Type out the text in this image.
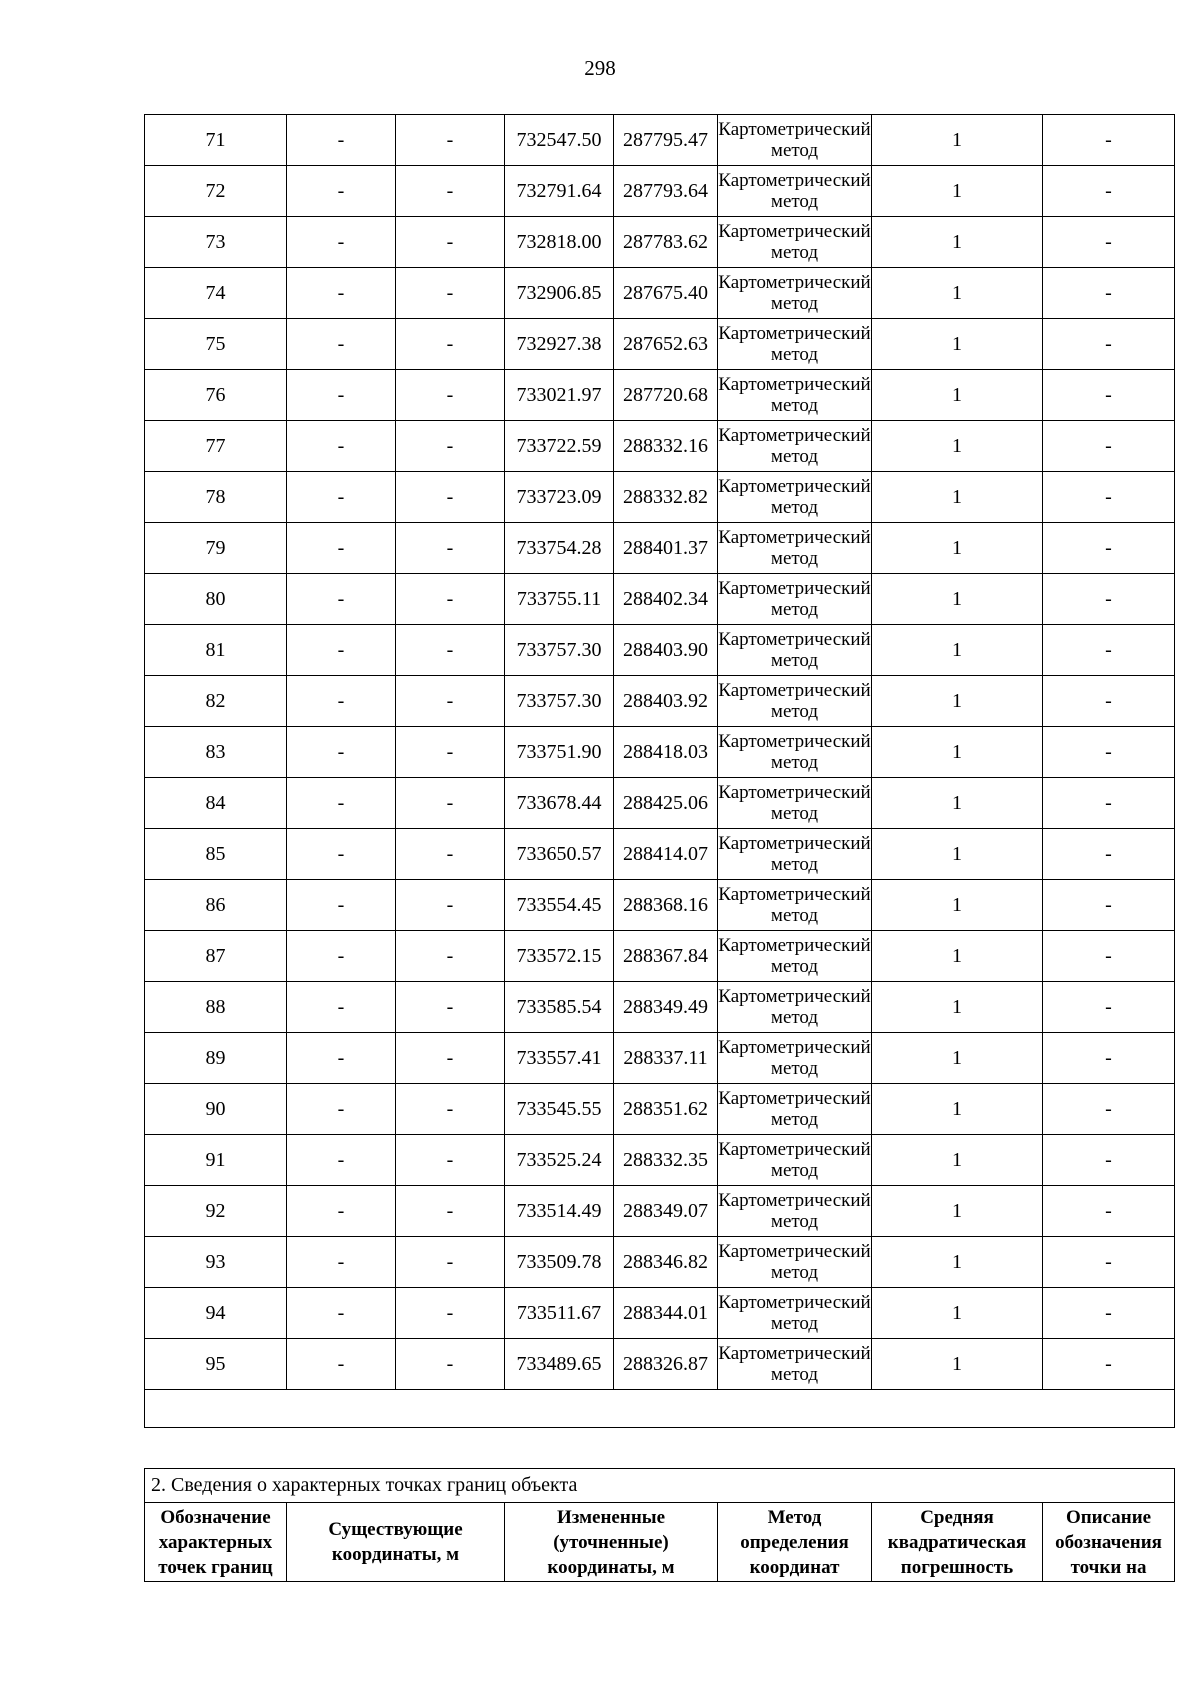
298
71	-	-	732547.50	287795.47	Картометрический метод	1	-
72	-	-	732791.64	287793.64	Картометрический метод	1	-
73	-	-	732818.00	287783.62	Картометрический метод	1	-
74	-	-	732906.85	287675.40	Картометрический метод	1	-
75	-	-	732927.38	287652.63	Картометрический метод	1	-
76	-	-	733021.97	287720.68	Картометрический метод	1	-
77	-	-	733722.59	288332.16	Картометрический метод	1	-
78	-	-	733723.09	288332.82	Картометрический метод	1	-
79	-	-	733754.28	288401.37	Картометрический метод	1	-
80	-	-	733755.11	288402.34	Картометрический метод	1	-
81	-	-	733757.30	288403.90	Картометрический метод	1	-
82	-	-	733757.30	288403.92	Картометрический метод	1	-
83	-	-	733751.90	288418.03	Картометрический метод	1	-
84	-	-	733678.44	288425.06	Картометрический метод	1	-
85	-	-	733650.57	288414.07	Картометрический метод	1	-
86	-	-	733554.45	288368.16	Картометрический метод	1	-
87	-	-	733572.15	288367.84	Картометрический метод	1	-
88	-	-	733585.54	288349.49	Картометрический метод	1	-
89	-	-	733557.41	288337.11	Картометрический метод	1	-
90	-	-	733545.55	288351.62	Картометрический метод	1	-
91	-	-	733525.24	288332.35	Картометрический метод	1	-
92	-	-	733514.49	288349.07	Картометрический метод	1	-
93	-	-	733509.78	288346.82	Картометрический метод	1	-
94	-	-	733511.67	288344.01	Картометрический метод	1	-
95	-	-	733489.65	288326.87	Картометрический метод	1	-

2. Сведения о характерных точках границ объекта
Обозначение характерных точек границ	Существующие координаты, м	Измененные (уточненные) координаты, м	Метод определения координат	Средняя квадратическая погрешность	Описание обозначения точки на
